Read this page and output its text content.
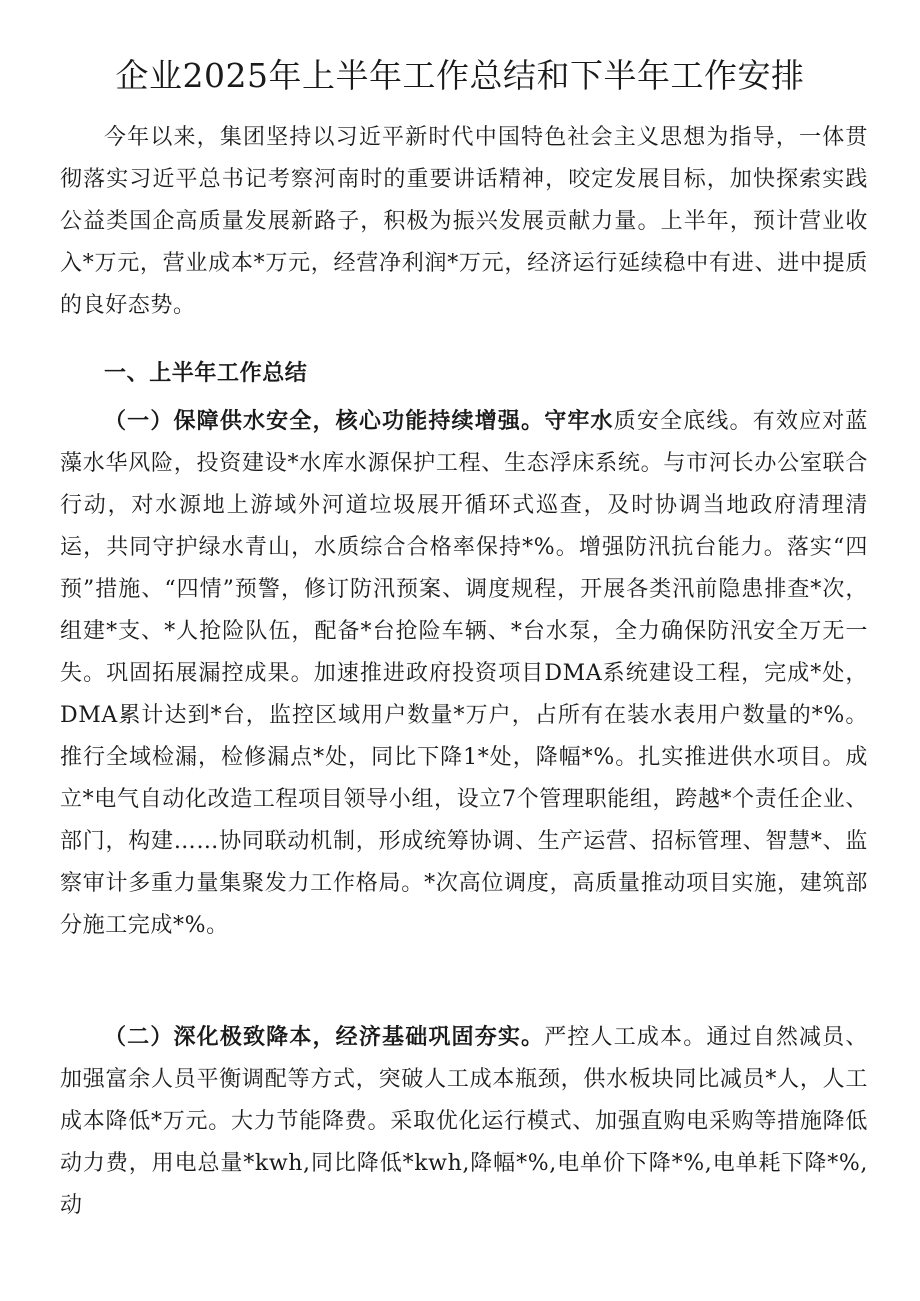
企业2025年上半年工作总结和下半年工作安排

今年以来，集团坚持以习近平新时代中国特色社会主义思想为指导，一体贯彻落实习近平总书记考察河南时的重要讲话精神，咬定发展目标，加快探索实践公益类国企高质量发展新路子，积极为振兴发展贡献力量。上半年，预计营业收入*万元，营业成本*万元，经营净利润*万元，经济运行延续稳中有进、进中提质的良好态势。

一、上半年工作总结

（一）保障供水安全，核心功能持续增强。守牢水质安全底线。有效应对蓝藻水华风险，投资建设*水库水源保护工程、生态浮床系统。与市河长办公室联合行动，对水源地上游域外河道垃圾展开循环式巡查，及时协调当地政府清理清运，共同守护绿水青山，水质综合合格率保持*%。增强防汛抗台能力。落实“四预”措施、“四情”预警，修订防汛预案、调度规程，开展各类汛前隐患排查*次，组建*支、*人抢险队伍，配备*台抢险车辆、*台水泵，全力确保防汛安全万无一失。巩固拓展漏控成果。加速推进政府投资项目DMA系统建设工程，完成*处，DMA累计达到*台，监控区域用户数量*万户，占所有在装水表用户数量的*%。推行全域检漏，检修漏点*处，同比下降1*处，降幅*%。扎实推进供水项目。成立*电气自动化改造工程项目领导小组，设立7个管理职能组，跨越*个责任企业、部门，构建……协同联动机制，形成统筹协调、生产运营、招标管理、智慧*、监察审计多重力量集聚发力工作格局。*次高位调度，高质量推动项目实施，建筑部分施工完成*%。

（二）深化极致降本，经济基础巩固夯实。严控人工成本。通过自然减员、加强富余人员平衡调配等方式，突破人工成本瓶颈，供水板块同比减员*人，人工成本降低*万元。大力节能降费。采取优化运行模式、加强直购电采购等措施降低动力费，用电总量*kwh,同比降低*kwh,降幅*%,电单价下降*%,电单耗下降*%,动
